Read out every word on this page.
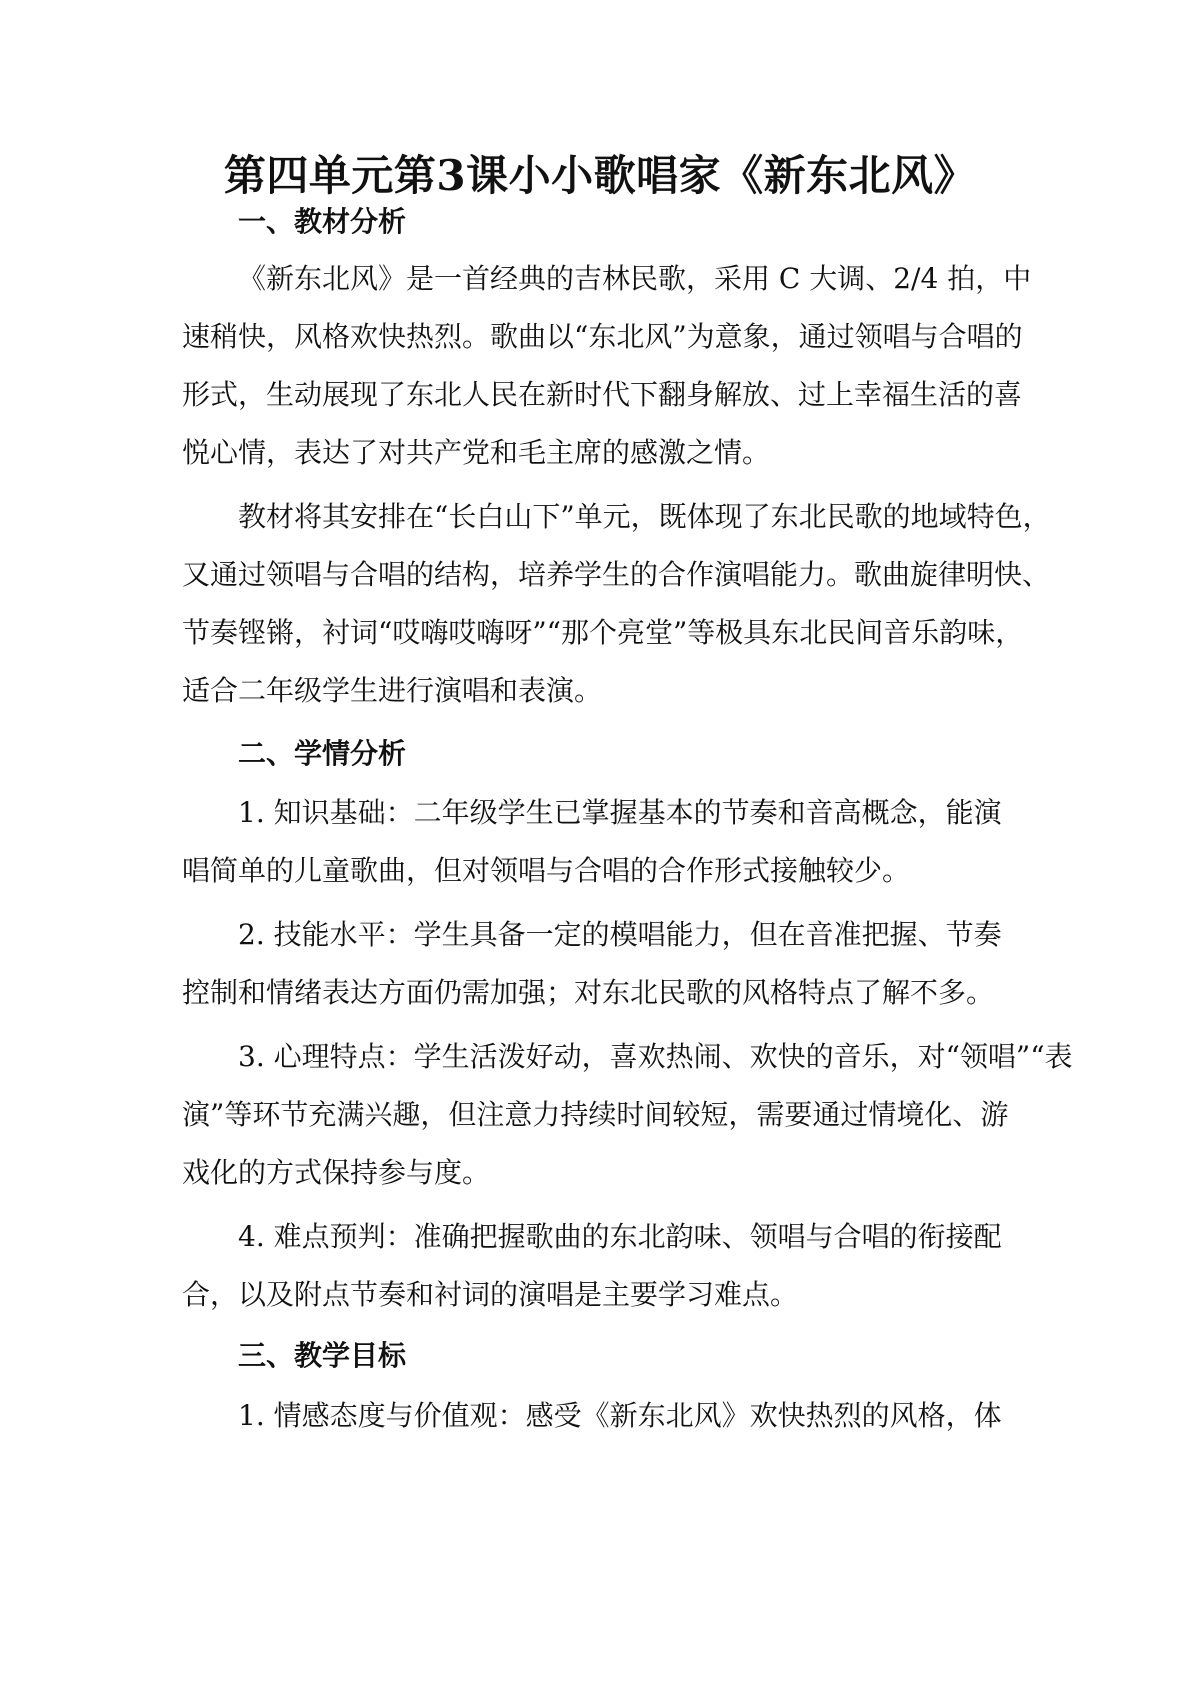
第四单元第3课小小歌唱家《新东北风》
一、教材分析
《新东北风》是一首经典的吉林民歌，采用 C 大调、2/4 拍，中
速稍快，风格欢快热烈。歌曲以“东北风”为意象，通过领唱与合唱的
形式，生动展现了东北人民在新时代下翻身解放、过上幸福生活的喜
悦心情，表达了对共产党和毛主席的感激之情。
教材将其安排在“长白山下”单元，既体现了东北民歌的地域特色，
又通过领唱与合唱的结构，培养学生的合作演唱能力。歌曲旋律明快、
节奏铿锵，衬词“哎嗨哎嗨呀”“那个亮堂”等极具东北民间音乐韵味，
适合二年级学生进行演唱和表演。
二、学情分析
1. 知识基础：二年级学生已掌握基本的节奏和音高概念，能演
唱简单的儿童歌曲，但对领唱与合唱的合作形式接触较少。
2. 技能水平：学生具备一定的模唱能力，但在音准把握、节奏
控制和情绪表达方面仍需加强；对东北民歌的风格特点了解不多。
3. 心理特点：学生活泼好动，喜欢热闹、欢快的音乐，对“领唱”“表
演”等环节充满兴趣，但注意力持续时间较短，需要通过情境化、游
戏化的方式保持参与度。
4. 难点预判：准确把握歌曲的东北韵味、领唱与合唱的衔接配
合，以及附点节奏和衬词的演唱是主要学习难点。
三、教学目标
1. 情感态度与价值观：感受《新东北风》欢快热烈的风格，体
